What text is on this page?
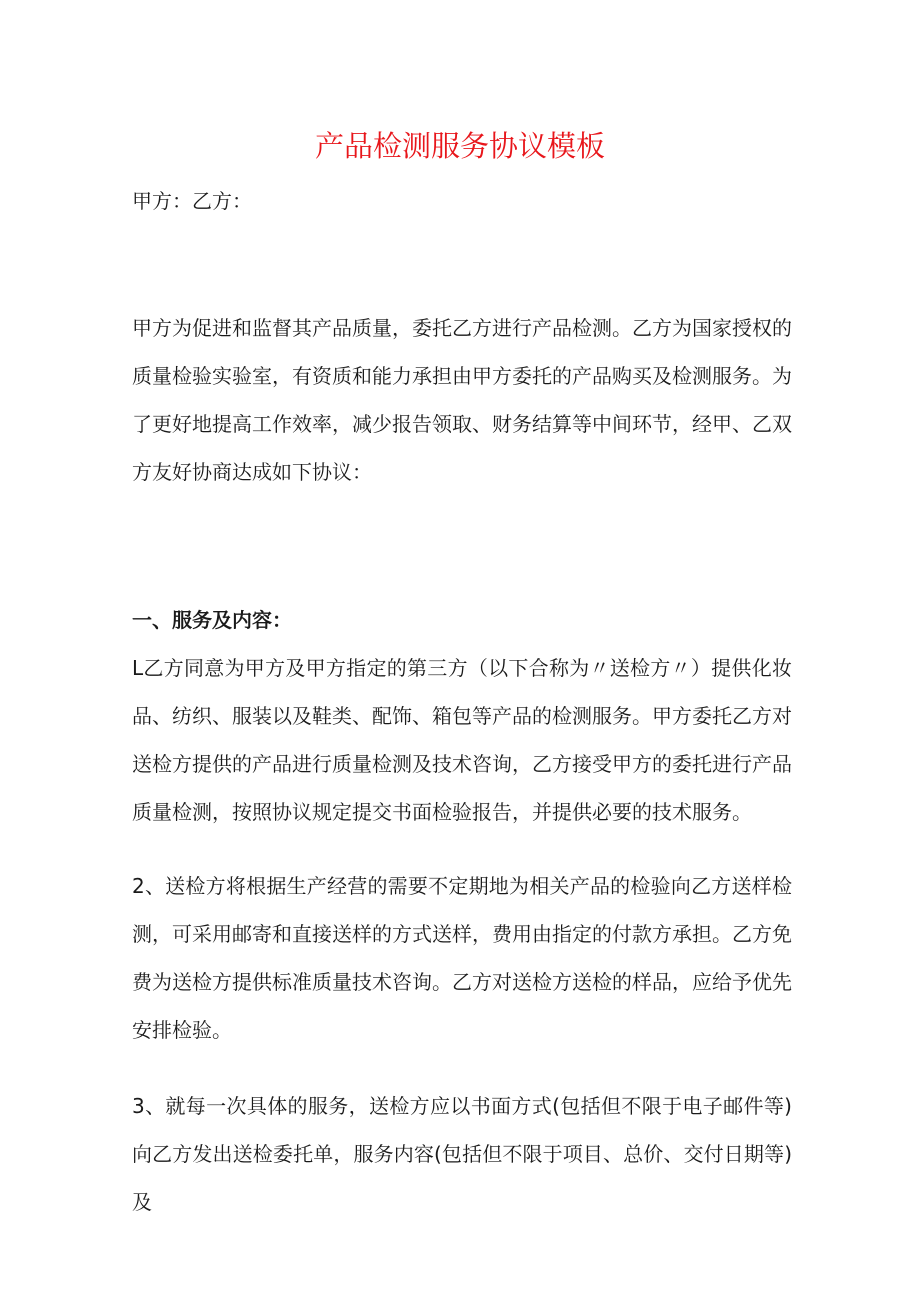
产品检测服务协议模板
甲方：乙方：
甲方为促进和监督其产品质量，委托乙方进行产品检测。乙方为国家授权的质量检验实验室，有资质和能力承担由甲方委托的产品购买及检测服务。为了更好地提高工作效率，减少报告领取、财务结算等中间环节，经甲、乙双方友好协商达成如下协议：
一、服务及内容：
L乙方同意为甲方及甲方指定的第三方（以下合称为〃送检方〃）提供化妆品、纺织、服装以及鞋类、配饰、箱包等产品的检测服务。甲方委托乙方对送检方提供的产品进行质量检测及技术咨询，乙方接受甲方的委托进行产品质量检测，按照协议规定提交书面检验报告，并提供必要的技术服务。
2、送检方将根据生产经营的需要不定期地为相关产品的检验向乙方送样检测，可采用邮寄和直接送样的方式送样，费用由指定的付款方承担。乙方免费为送检方提供标准质量技术咨询。乙方对送检方送检的样品，应给予优先安排检验。
3、就每一次具体的服务，送检方应以书面方式(包括但不限于电子邮件等)向乙方发出送检委托单，服务内容(包括但不限于项目、总价、交付日期等)及
